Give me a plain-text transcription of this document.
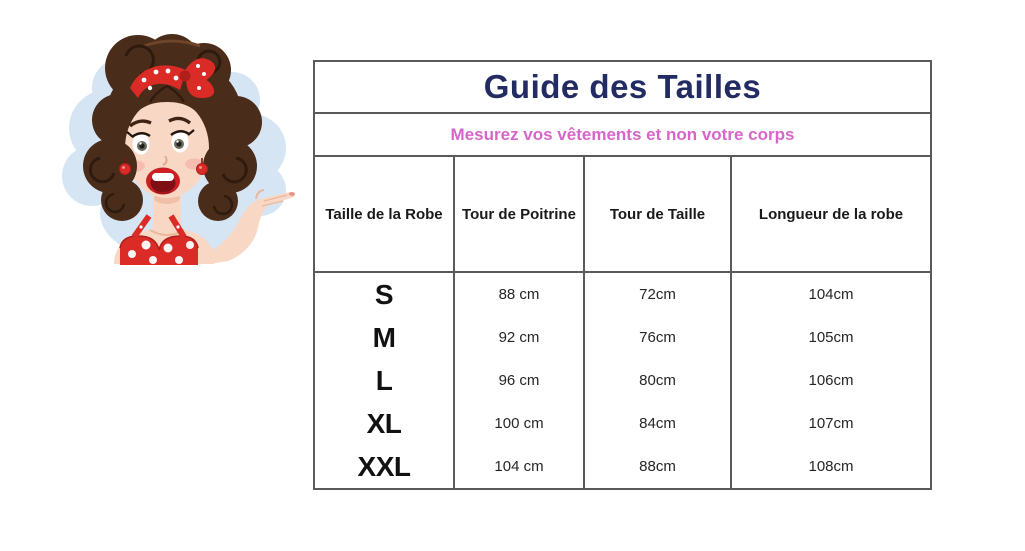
Guide des Tailles
Mesurez vos vêtements et non votre corps
Taille de la Robe	Tour de Poitrine	Tour de Taille	Longueur de la robe
S	88 cm	72cm	104cm
M	92 cm	76cm	105cm
L	96 cm	80cm	106cm
XL	100 cm	84cm	107cm
XXL	104 cm	88cm	108cm
